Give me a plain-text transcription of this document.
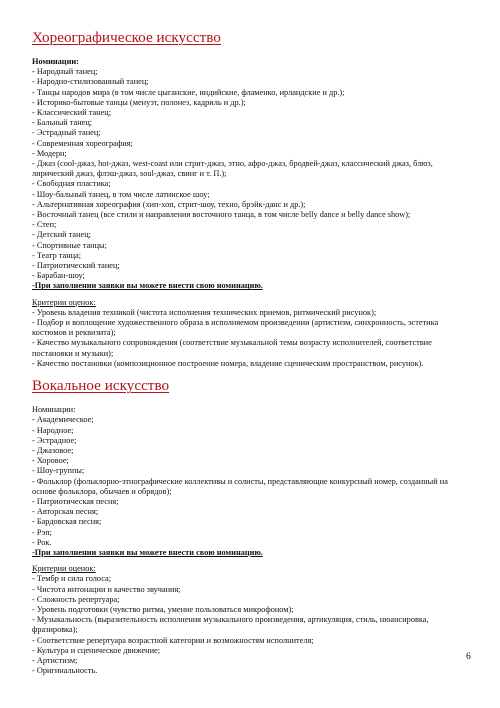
Хореографическое искусство

Номинации:

- Народный танец;
- Народно-стилизованный танец;
- Танцы народов мира (в том числе цыганские, индийские, фламенко, ирландские и др.);
- Историко-бытовые танцы (менуэт, полонез, кадриль и др.);
- Классический танец;
- Бальный танец;
- Эстрадный танец;
- Современная хореография;
- Модерн;
- Джаз (cool-джаз, hot-джаз, west-coast или стрит-джаз, этно, афро-джаз, бродвей-джаз, классический джаз, блюз, лирический джаз, флэш-джаз, soul-джаз, свинг и т. П.);
- Свободная пластика;
- Шоу-бальный танец, в том числе латинское шоу;
- Альтернативная хореография (хип-хоп, стрит-шоу, техно, брэйк-данс и др.);
- Восточный танец (все стили и направления восточного танца, в том числе belly dance и belly dance show);
- Степ;
- Детский танец;
- Спортивные танцы;
- Театр танца;
- Патриотический танец;
- Барабан-шоу;

-При заполнении заявки вы можете внести свою номинацию.

Критерии оценок:

- Уровень владения техникой (чистота исполнения технических приемов, ритмический рисунок);
- Подбор и воплощение художественного образа в исполняемом произведении (артистизм, синхронность, эстетика костюмов и реквизита);
- Качество музыкального сопровождения (соответствие музыкальной темы возрасту исполнителей, соответствие постановки и музыки);
- Качество постановки (композиционное построение номера, владение сценическим пространством, рисунок).
Вокальное искусство

Номинации:

- Академическое;
- Народное;
- Эстрадное;
- Джазовое;
- Хоровое;
- Шоу-группы;
- Фольклор (фольклорно-этнографические коллективы и солисты, представляющие конкурсный номер, созданный на основе фольклора, обычаев и обрядов);
- Патриотическая песня;
- Авторская песня;
- Бардовская песня;
- Рэп;
- Рок.

-При заполнении заявки вы можете внести свою номинацию.

Критерии оценок:

- Тембр и сила голоса;
- Чистота интонации и качество звучания;
- Сложность репертуара;
- Уровень подготовки (чувство ритма, умение пользоваться микрофоном);
- Музыкальность (выразительность исполнения музыкального произведения, артикуляция, стиль, нюансировка, фразировка);
- Соответствие репертуара возрастной категории и возможностям исполнителя;
- Культура и сценическое движение;
- Артистизм;
- Оригинальность.
6
